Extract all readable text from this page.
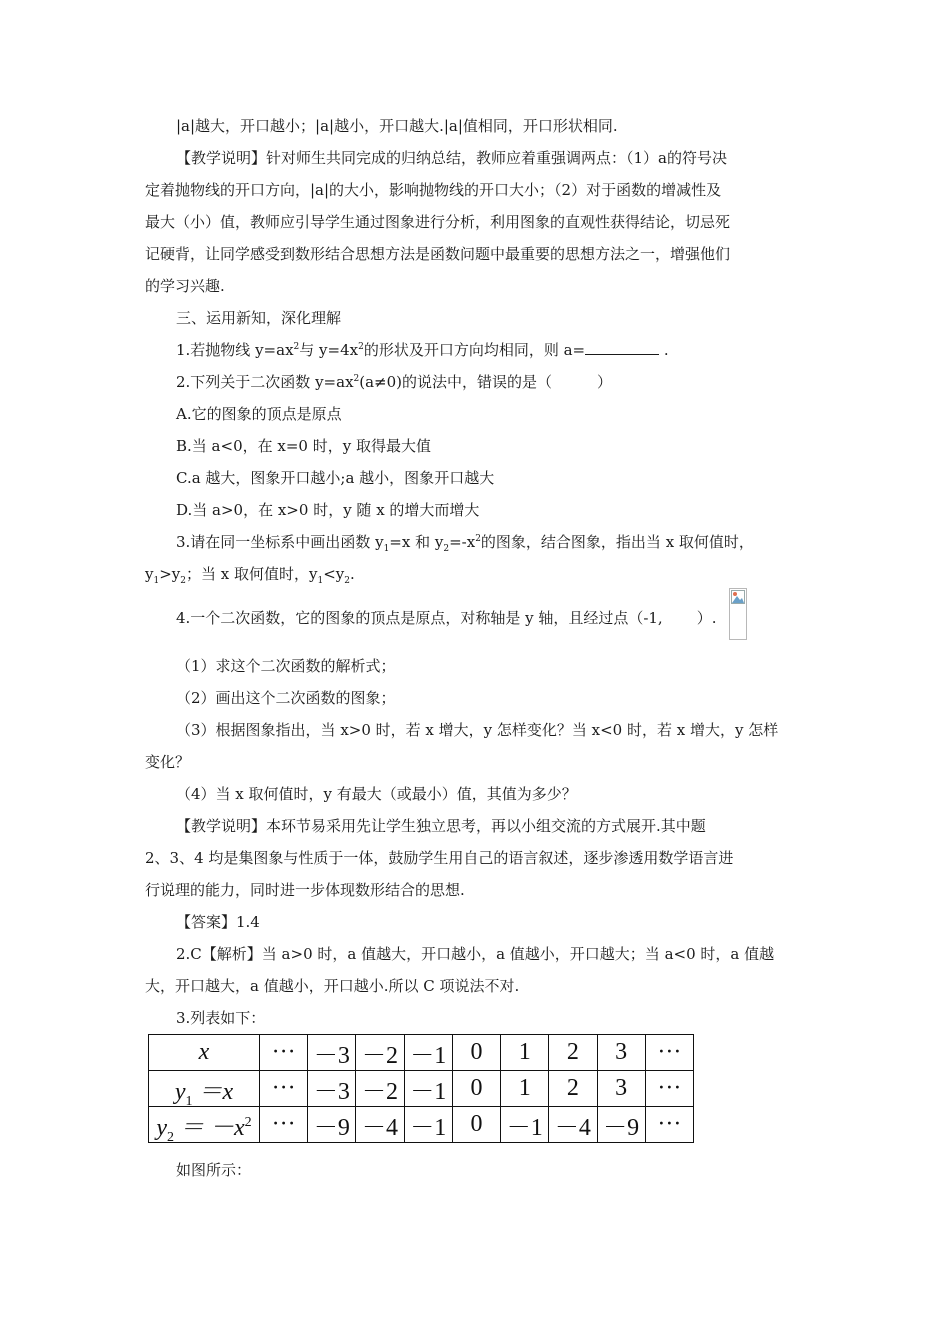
|a|越大，开口越小；|a|越小，开口越大.|a|值相同，开口形状相同.
【教学说明】针对师生共同完成的归纳总结，教师应着重强调两点：（1）a的符号决
定着抛物线的开口方向，|a|的大小，影响抛物线的开口大小；（2）对于函数的增减性及
最大（小）值，教师应引导学生通过图象进行分析，利用图象的直观性获得结论，切忌死
记硬背，让同学感受到数形结合思想方法是函数问题中最重要的思想方法之一，增强他们
的学习兴趣.
三、运用新知，深化理解
1.若抛物线 $y=ax^2$与 $y=4x^2$的形状及开口方向均相同，则 a=	.
2.下列关于二次函数 $y=ax^2(a\ne 0)$的说法中，错误的是（　　　）
A.它的图象的顶点是原点
B.当 a<0，在 x=0 时，y 取得最大值
C.a 越大，图象开口越小;a 越小，图象开口越大
D.当 a>0，在 x>0 时，y 随 x 的增大而增大
3.请在同一坐标系中画出函数 $y_1=x$ 和 $y_2=-x^2$的图象，结合图象，指出当 x 取何值时，
$y_1>y_2$；当 x 取何值时，$y_1<y_2$.
4.一个二次函数，它的图象的顶点是原点，对称轴是 y 轴，且经过点（-1, ）.
（1）求这个二次函数的解析式；
（2）画出这个二次函数的图象；
（3）根据图象指出，当 x>0 时，若 x 增大，y 怎样变化？当 x<0 时，若 x 增大，y 怎样
变化？
（4）当 x 取何值时，y 有最大（或最小）值，其值为多少？
【教学说明】本环节易采用先让学生独立思考，再以小组交流的方式展开.其中题
2、3、4 均是集图象与性质于一体，鼓励学生用自己的语言叙述，逐步渗透用数学语言进
行说理的能力，同时进一步体现数形结合的思想.
【答案】1.4
2.C【解析】当 a>0 时，a 值越大，开口越小，a 值越小，开口越大；当 a<0 时，a 值越
大，开口越大，a 值越小，开口越小.所以 C 项说法不对.
3.列表如下：
x	···	－3	－2	－1	0	1	2	3	···
$y_1 =x$	···	－3	－2	－1	0	1	2	3	···
$y_2 = -x^2$	···	－9	－4	－1	0	－1	－4	－9	···
如图所示：
